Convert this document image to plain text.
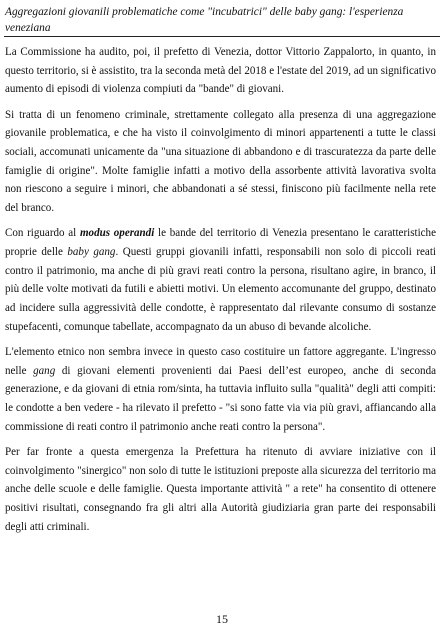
Aggregazioni giovanili problematiche come "incubatrici" delle baby gang: l'esperienza veneziana

La Commissione ha audito, poi, il prefetto di Venezia, dottor Vittorio Zappalorto, in quanto, in questo territorio, si è assistito, tra la seconda metà del 2018 e l'estate del 2019, ad un significativo aumento di episodi di violenza compiuti da "bande" di giovani.

Si tratta di un fenomeno criminale, strettamente collegato alla presenza di una aggregazione giovanile problematica, e che ha visto il coinvolgimento di minori appartenenti a tutte le classi sociali, accomunati unicamente da "una situazione di abbandono e di trascuratezza da parte delle famiglie di origine". Molte famiglie infatti a motivo della assorbente attività lavorativa svolta non riescono a seguire i minori, che abbandonati a sé stessi, finiscono più facilmente nella rete del branco.

Con riguardo al modus operandi le bande del territorio di Venezia presentano le caratteristiche proprie delle baby gang. Questi gruppi giovanili infatti, responsabili non solo di piccoli reati contro il patrimonio, ma anche di più gravi reati contro la persona, risultano agire, in branco, il più delle volte motivati da futili e abietti motivi. Un elemento accomunante del gruppo, destinato ad incidere sulla aggressività delle condotte, è rappresentato dal rilevante consumo di sostanze stupefacenti, comunque tabellate, accompagnato da un abuso di bevande alcoliche.

L'elemento etnico non sembra invece in questo caso costituire un fattore aggregante. L'ingresso nelle gang di giovani elementi provenienti dai Paesi dell’est europeo, anche di seconda generazione, e da giovani di etnia rom/sinta, ha tuttavia influito sulla "qualità" degli atti compiti: le condotte a ben vedere - ha rilevato il prefetto - "si sono fatte via via più gravi, affiancando alla commissione di reati contro il patrimonio anche reati contro la persona".

Per far fronte a questa emergenza la Prefettura ha ritenuto di avviare iniziative con il coinvolgimento "sinergico" non solo di tutte le istituzioni preposte alla sicurezza del territorio ma anche delle scuole e delle famiglie. Questa importante attività " a rete" ha consentito di ottenere positivi risultati, consegnando fra gli altri alla Autorità giudiziaria gran parte dei responsabili degli atti criminali.

15
